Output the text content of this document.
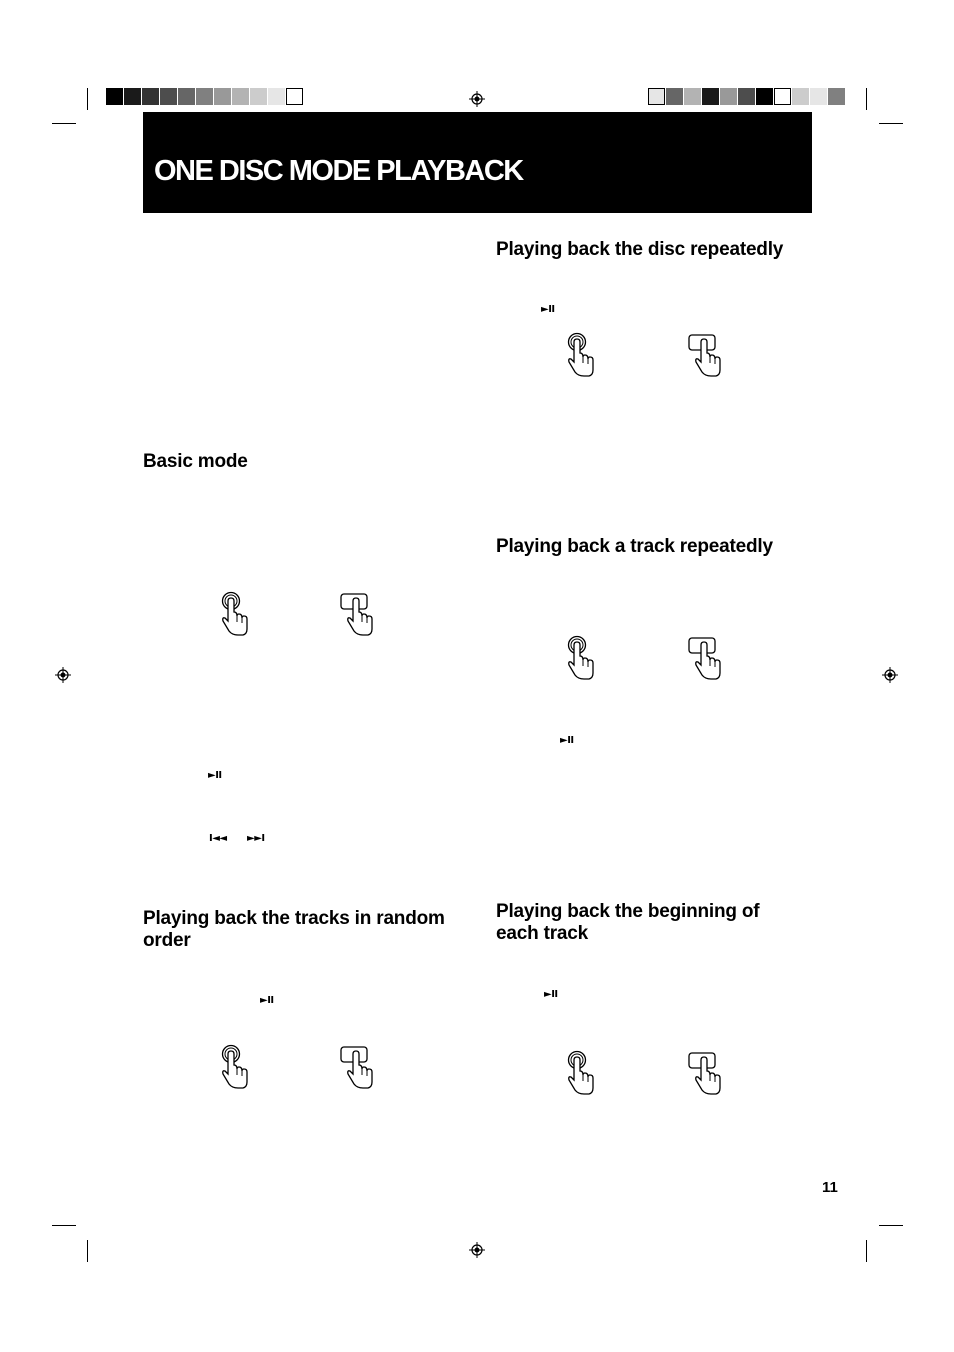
ONE DISC MODE PLAYBACK
Basic mode
Playing back the tracks in random order
Playing back the disc repeatedly
Playing back a track repeatedly
Playing back the beginning of each track
►II
►II
►II
►II
►II
I◄◄ ►►I
11
